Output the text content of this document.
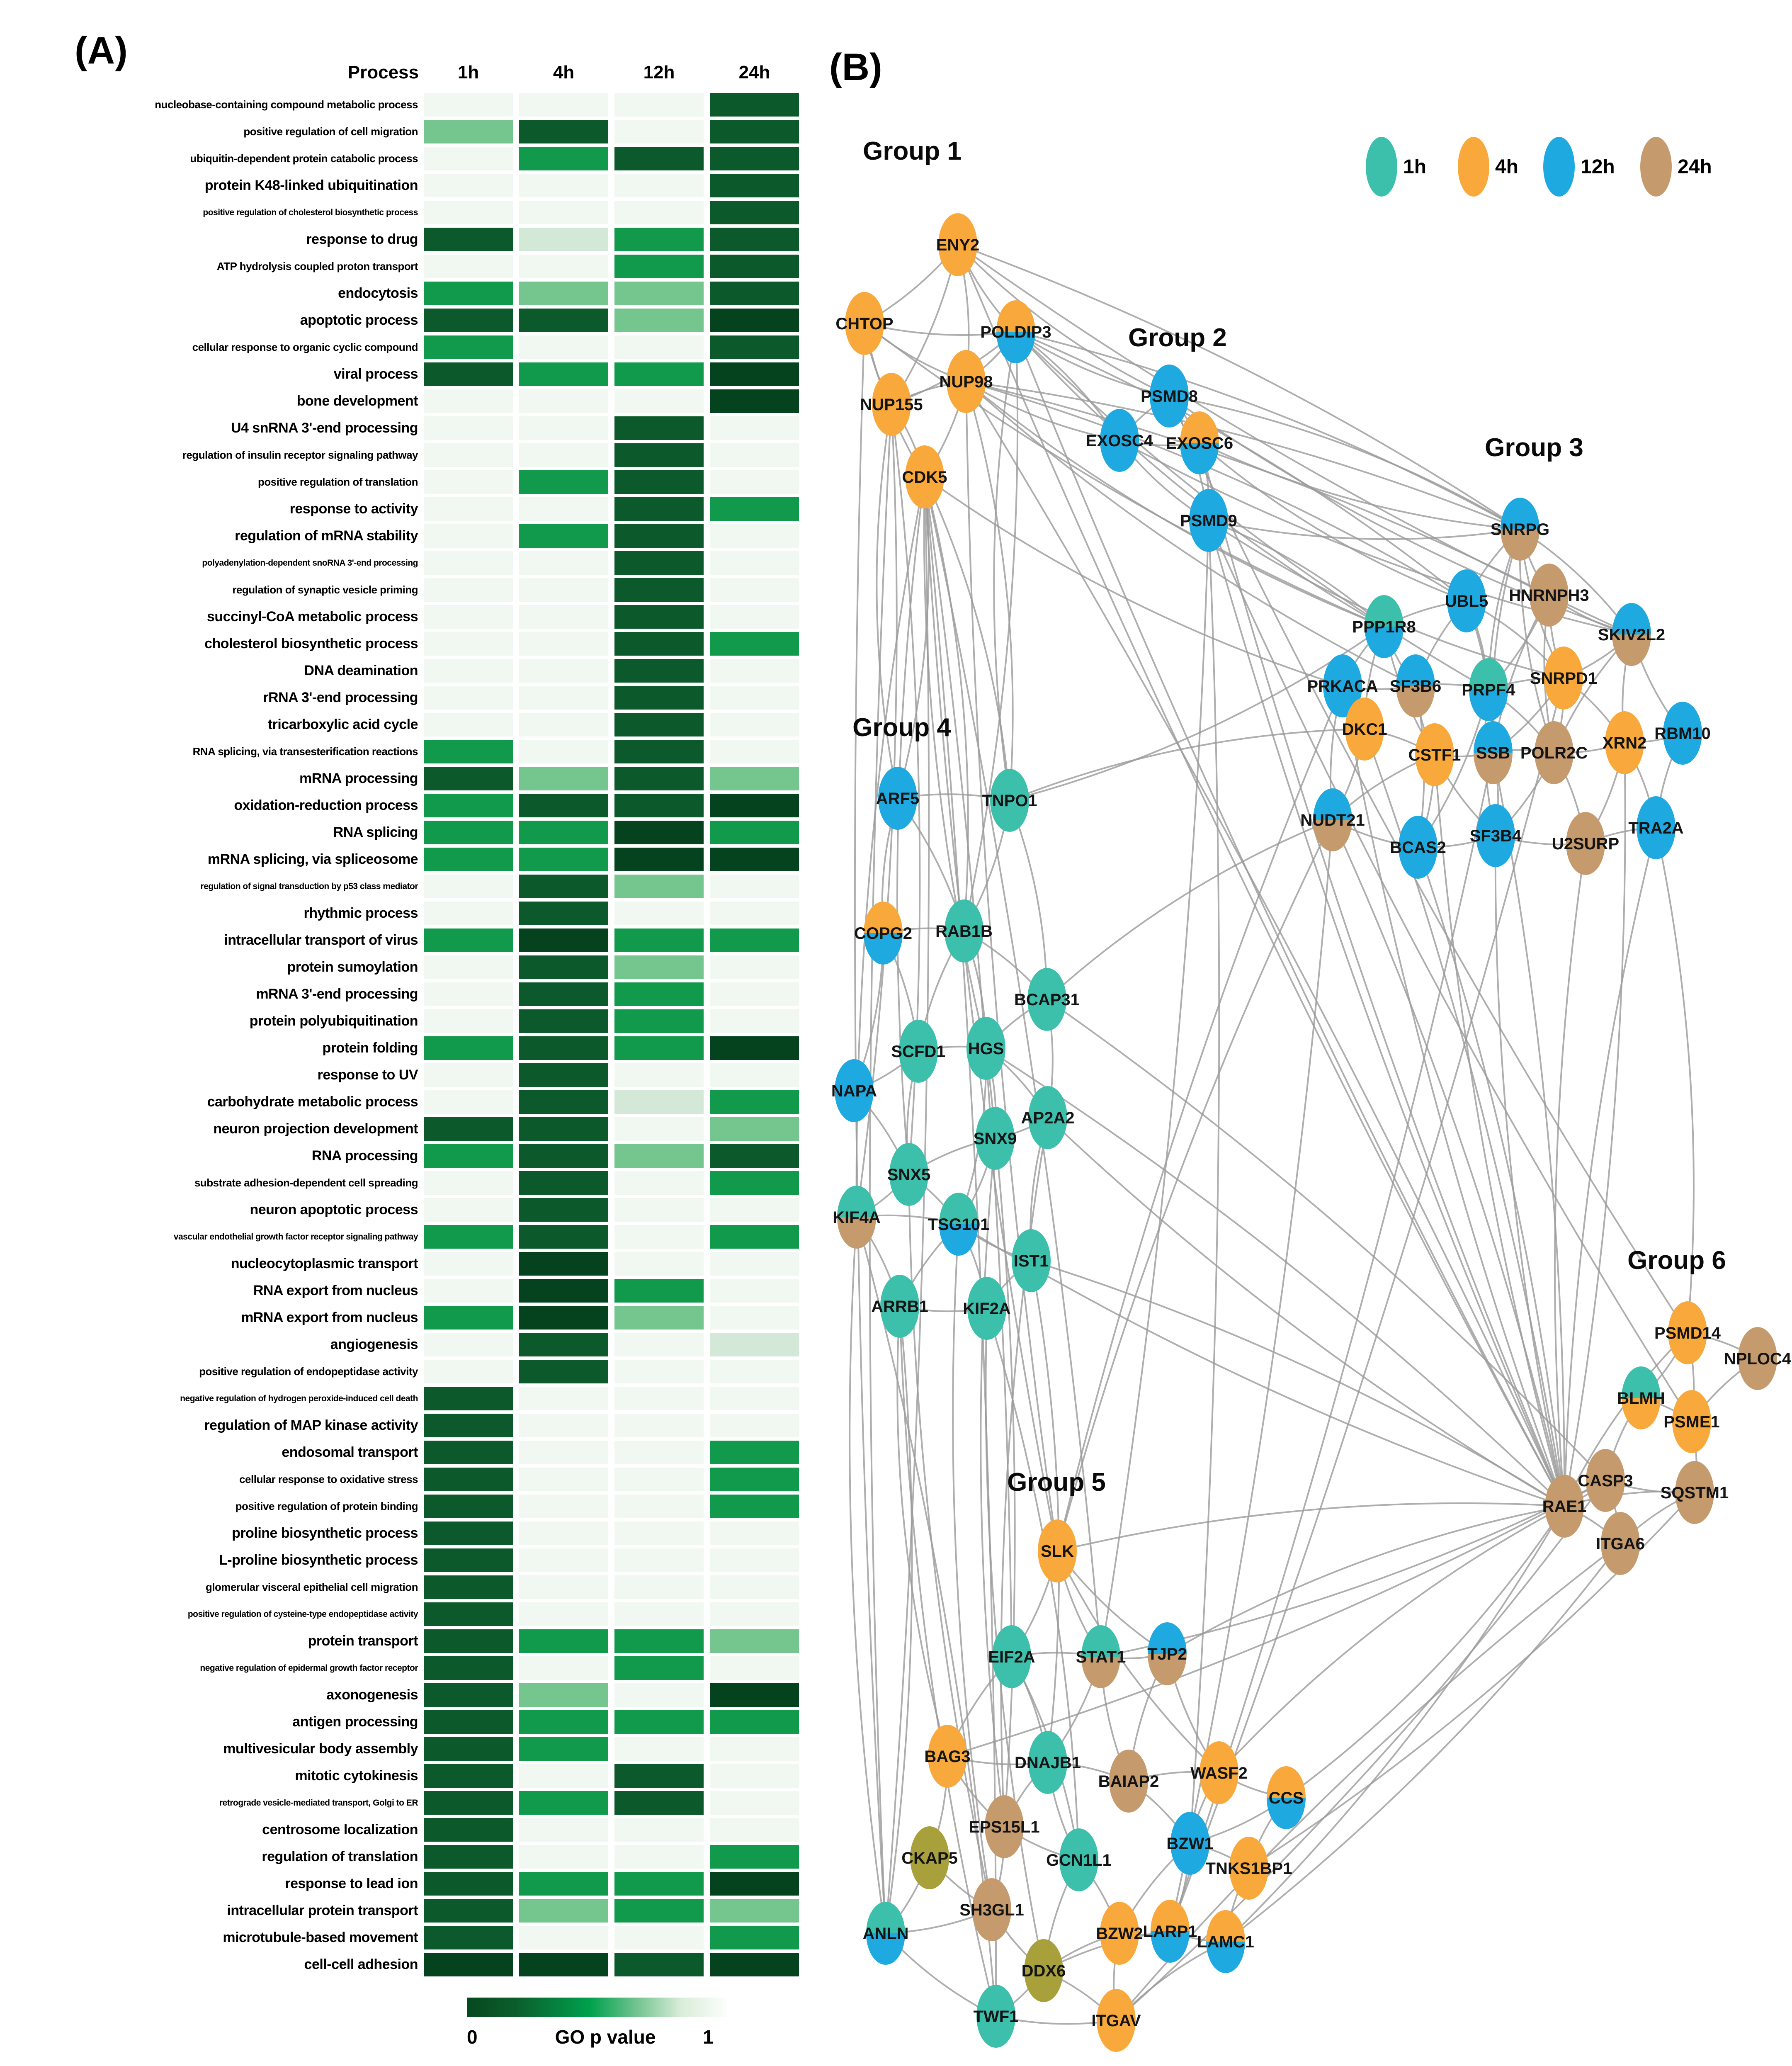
ENY2
CHTOP	POLDIP3
NUP98
NUP155
CDK5
PSMD8
EXOSC4 EXOSC6
PSMD9	SNRPG
UBL5 HNRNPH3
PPP1R8	SKIV2L2
PRKACA SF3B6 PRPF4
SNRPD1
DKC1
CSTF1 SSB POLR2C
XRN2
RBM10
NUDT21
BCAS2
SF3B4 U2SURP
TRA2A
ARF5	TNPO1
COPG2 RAB1B
BCAP31
SCFD1 HGS
NAPA
AP2A2
SNX9
SNX5
KIF4A	TSG101
IST1
ARRB1 KIF2A
SLK
EIF2A STAT1 TJP2
BAG3	DNAJB1
BAIAP2 WASF2
CCS
EPS15L1
CKAP5
BZW1
TNKS1BP1
GCN1L1
SH3GL1
ANLN	BZW2 LARP1
LAMC1
DDX6
TWF1	ITGAV
PSMD14
NPLOC4
BLMH
PSME1
CASP3
SQSTM1
RAE1
ITGA6
Group 1
Group 2
Group 3
Group 4
Group 5
Group 6
1h	4h	12h	24h
(A)	(B)
Process	1h	4h	12h	24h
nucleobase-containing compound metabolic process
positive regulation of cell migration
ubiquitin-dependent protein catabolic process
protein K48-linked ubiquitination
positive regulation of cholesterol biosynthetic process
response to drug
ATP hydrolysis coupled proton transport
endocytosis
apoptotic process
cellular response to organic cyclic compound
viral process
bone development
U4 snRNA 3'-end processing
regulation of insulin receptor signaling pathway
positive regulation of translation
response to activity
regulation of mRNA stability
polyadenylation-dependent snoRNA 3'-end processing
regulation of synaptic vesicle priming
succinyl-CoA metabolic process
cholesterol biosynthetic process
DNA deamination
rRNA 3'-end processing
tricarboxylic acid cycle
RNA splicing, via transesterification reactions
mRNA processing
oxidation-reduction process
RNA splicing
mRNA splicing, via spliceosome
regulation of signal transduction by p53 class mediator
rhythmic process
intracellular transport of virus
protein sumoylation
mRNA 3'-end processing
protein polyubiquitination
protein folding
response to UV
carbohydrate metabolic process
neuron projection development
RNA processing
substrate adhesion-dependent cell spreading
neuron apoptotic process
vascular endothelial growth factor receptor signaling pathway
nucleocytoplasmic transport
RNA export from nucleus
mRNA export from nucleus
angiogenesis
positive regulation of endopeptidase activity
negative regulation of hydrogen peroxide-induced cell death
regulation of MAP kinase activity
endosomal transport
cellular response to oxidative stress
positive regulation of protein binding
proline biosynthetic process
L-proline biosynthetic process
glomerular visceral epithelial cell migration
positive regulation of cysteine-type endopeptidase activity
protein transport
negative regulation of epidermal growth factor receptor
axonogenesis
antigen processing
multivesicular body assembly
mitotic cytokinesis
retrograde vesicle-mediated transport, Golgi to ER
centrosome localization
regulation of translation
response to lead ion
intracellular protein transport
microtubule-based movement
cell-cell adhesion
0	GO p value	1
